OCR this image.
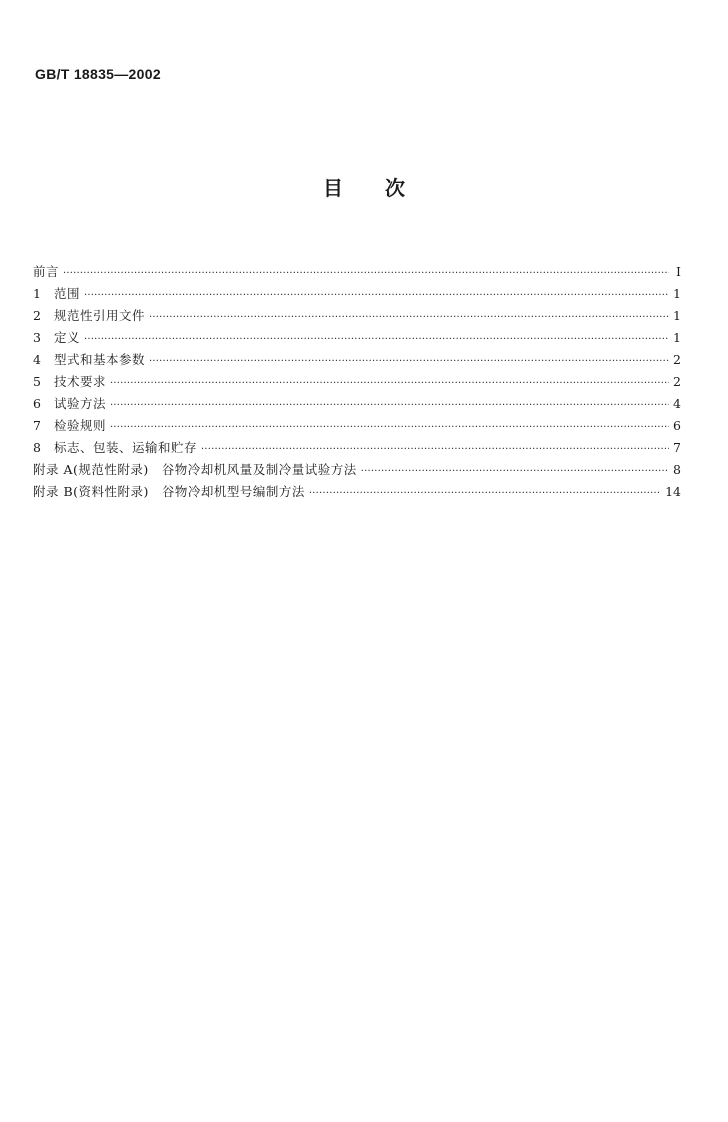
GB/T 18835—2002
目次
前言 ·····	I
1	范围 ·····	1
2	规范性引用文件 ·····	1
3	定义 ·····	1
4	型式和基本参数 ·····	2
5	技术要求 ·····	2
6	试验方法 ·····	4
7	检验规则 ·····	6
8	标志、包装、运输和贮存 ·····	7
附录 A(规范性附录)　谷物冷却机风量及制冷量试验方法 ·····	8
附录 B(资料性附录)　谷物冷却机型号编制方法 ·····	14
